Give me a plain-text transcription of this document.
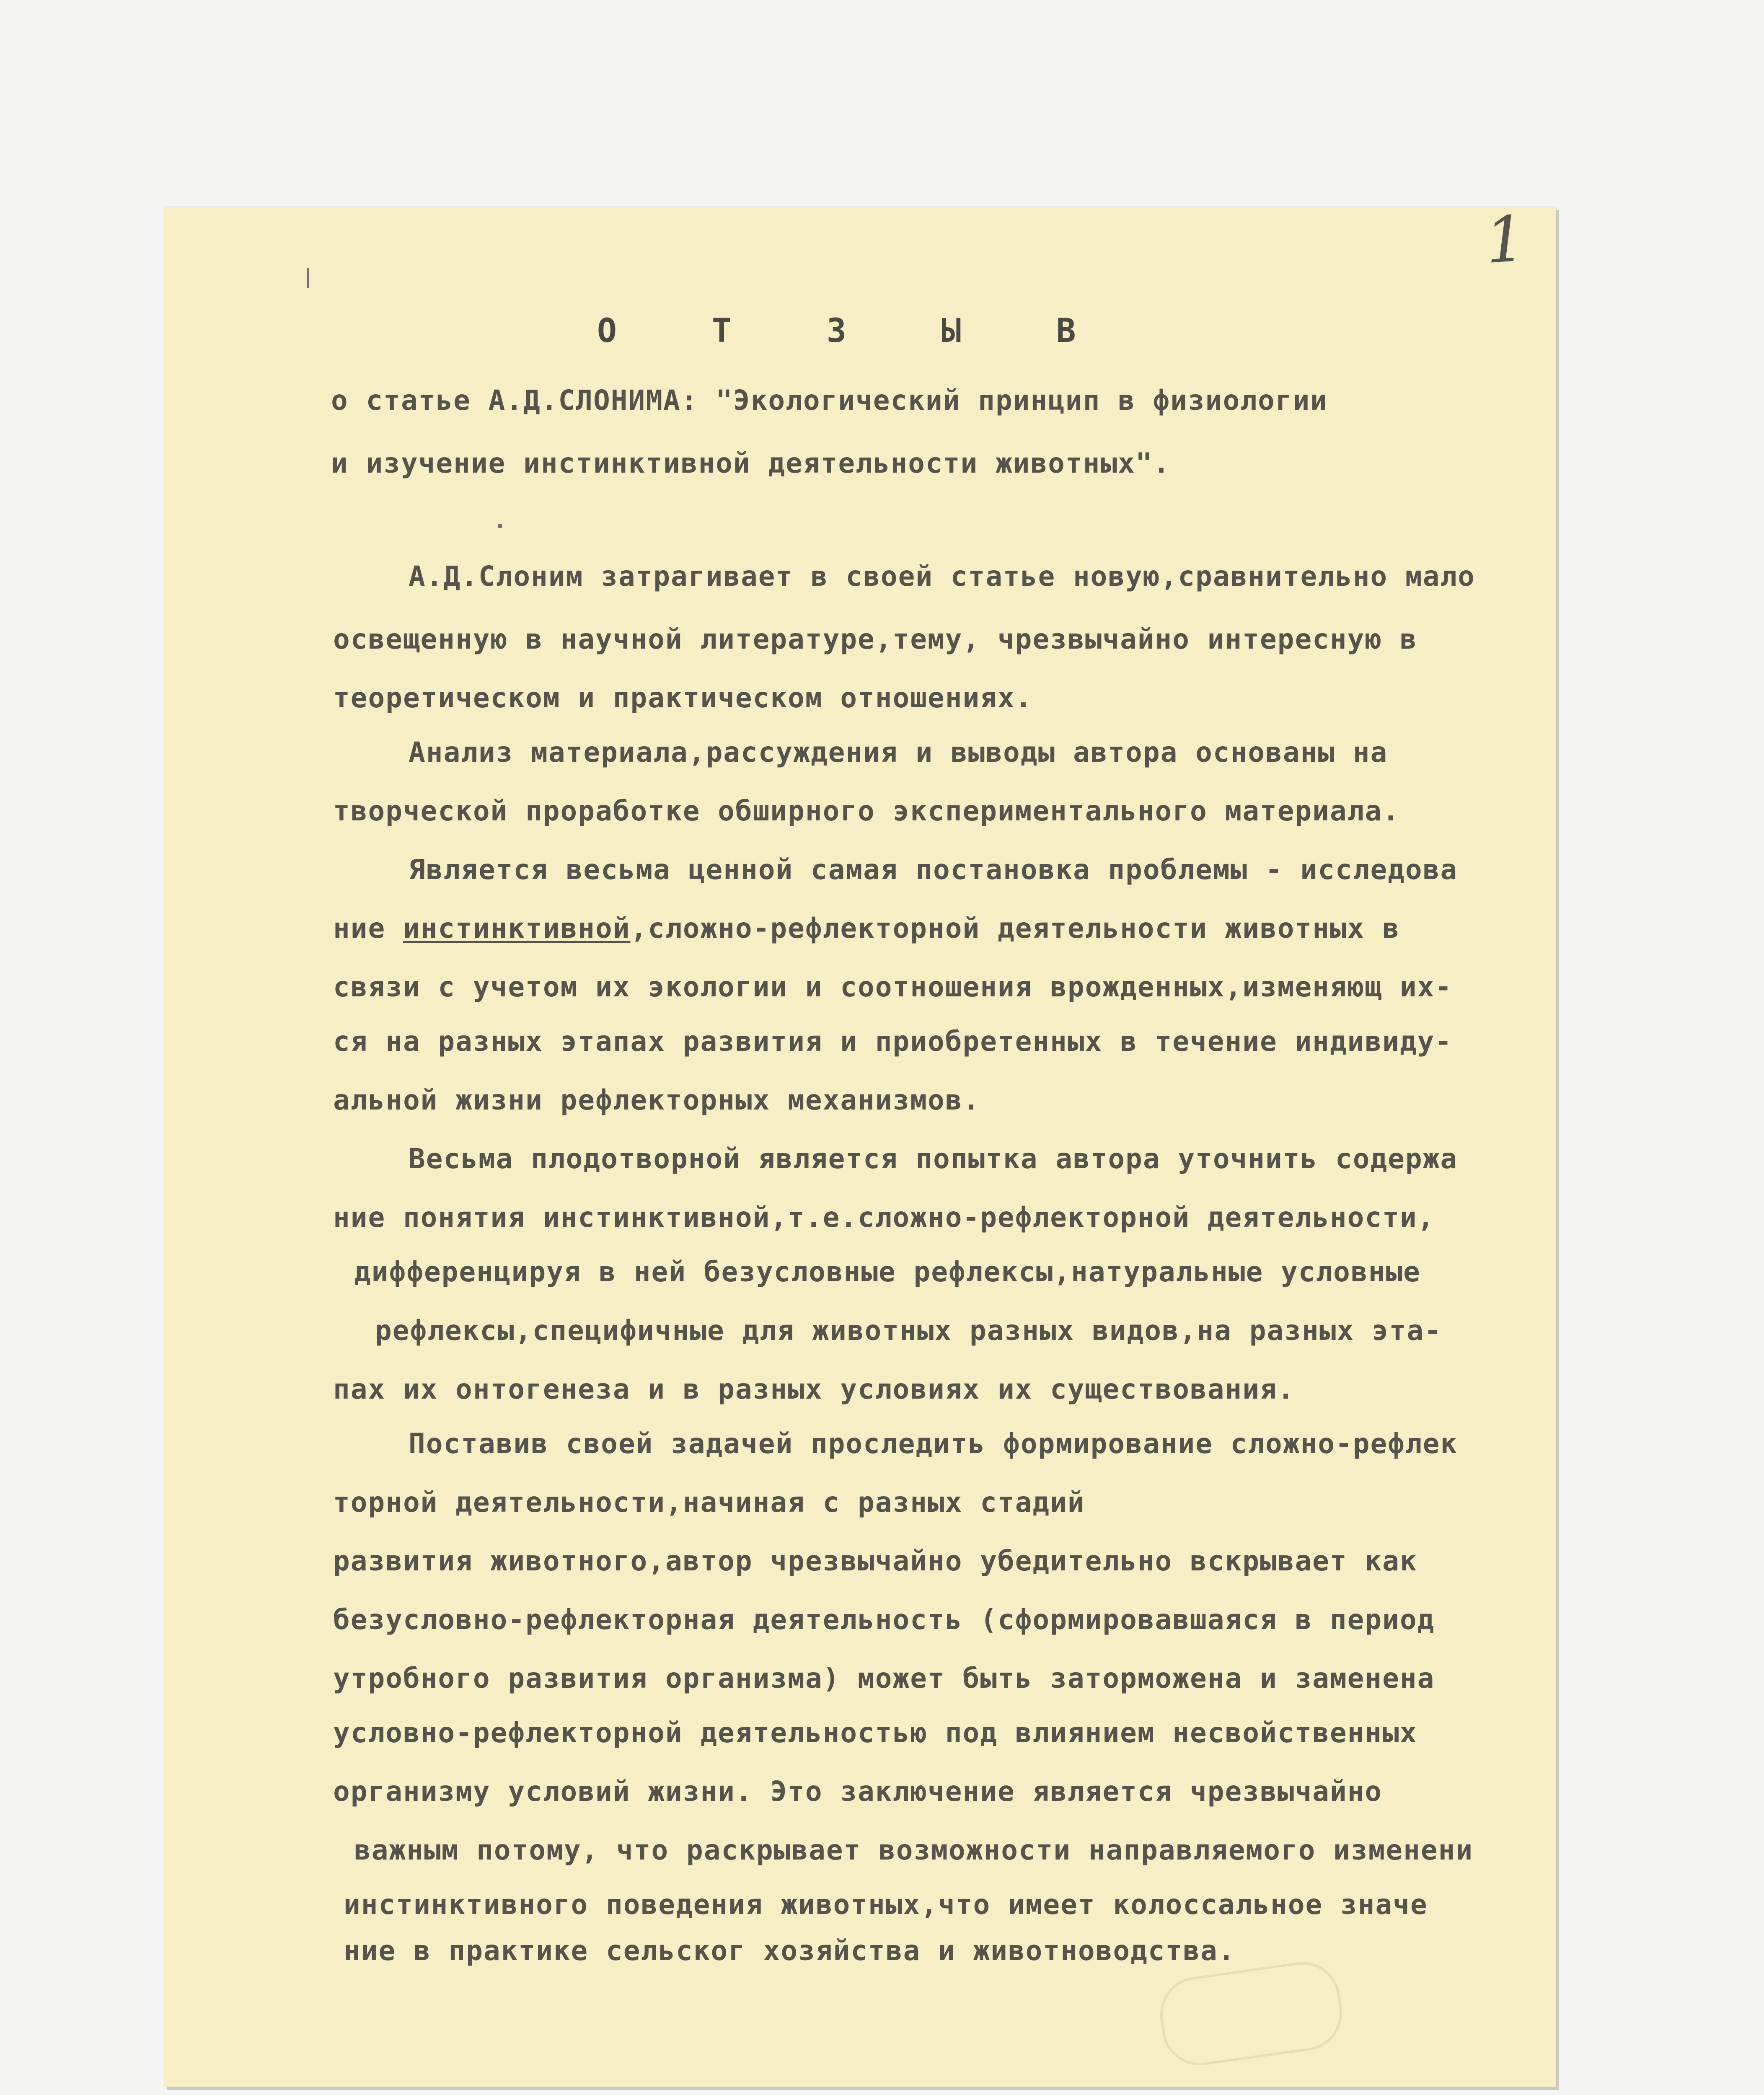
1
О Т З Ы В
о статье А.Д.СЛОНИМА: "Экологический принцип в физиологии
и изучение инстинктивной деятельности животных".
А.Д.Слоним затрагивает в своей статье новую,сравнительно мало
освещенную в научной литературе,тему, чрезвычайно интересную в
теоретическом и практическом отношениях.
Анализ материала,рассуждения и выводы автора основаны на
творческой проработке обширного экспериментального материала.
Является весьма ценной самая постановка проблемы - исследова
ние инстинктивной,сложно-рефлекторной деятельности животных в
связи с учетом их экологии и соотношения врожденных,изменяющ их-
ся на разных этапах развития и приобретенных в течение индивиду-
альной жизни рефлекторных механизмов.
Весьма плодотворной является попытка автора уточнить содержа
ние понятия инстинктивной,т.е.сложно-рефлекторной деятельности,
дифференцируя в ней безусловные рефлексы,натуральные условные
рефлексы,специфичные для животных разных видов,на разных эта-
пах их онтогенеза и в разных условиях их существования.
Поставив своей задачей проследить формирование сложно-рефлек
торной деятельности,начиная с разных стадий
развития животного,автор чрезвычайно убедительно вскрывает как
безусловно-рефлекторная деятельность (сформировавшаяся в период
утробного развития организма) может быть заторможена и заменена
условно-рефлекторной деятельностью под влиянием несвойственных
организму условий жизни. Это заключение является чрезвычайно
важным потому, что раскрывает возможности направляемого изменени
инстинктивного поведения животных,что имеет колоссальное значе
ние в практике сельског хозяйства и животноводства.
